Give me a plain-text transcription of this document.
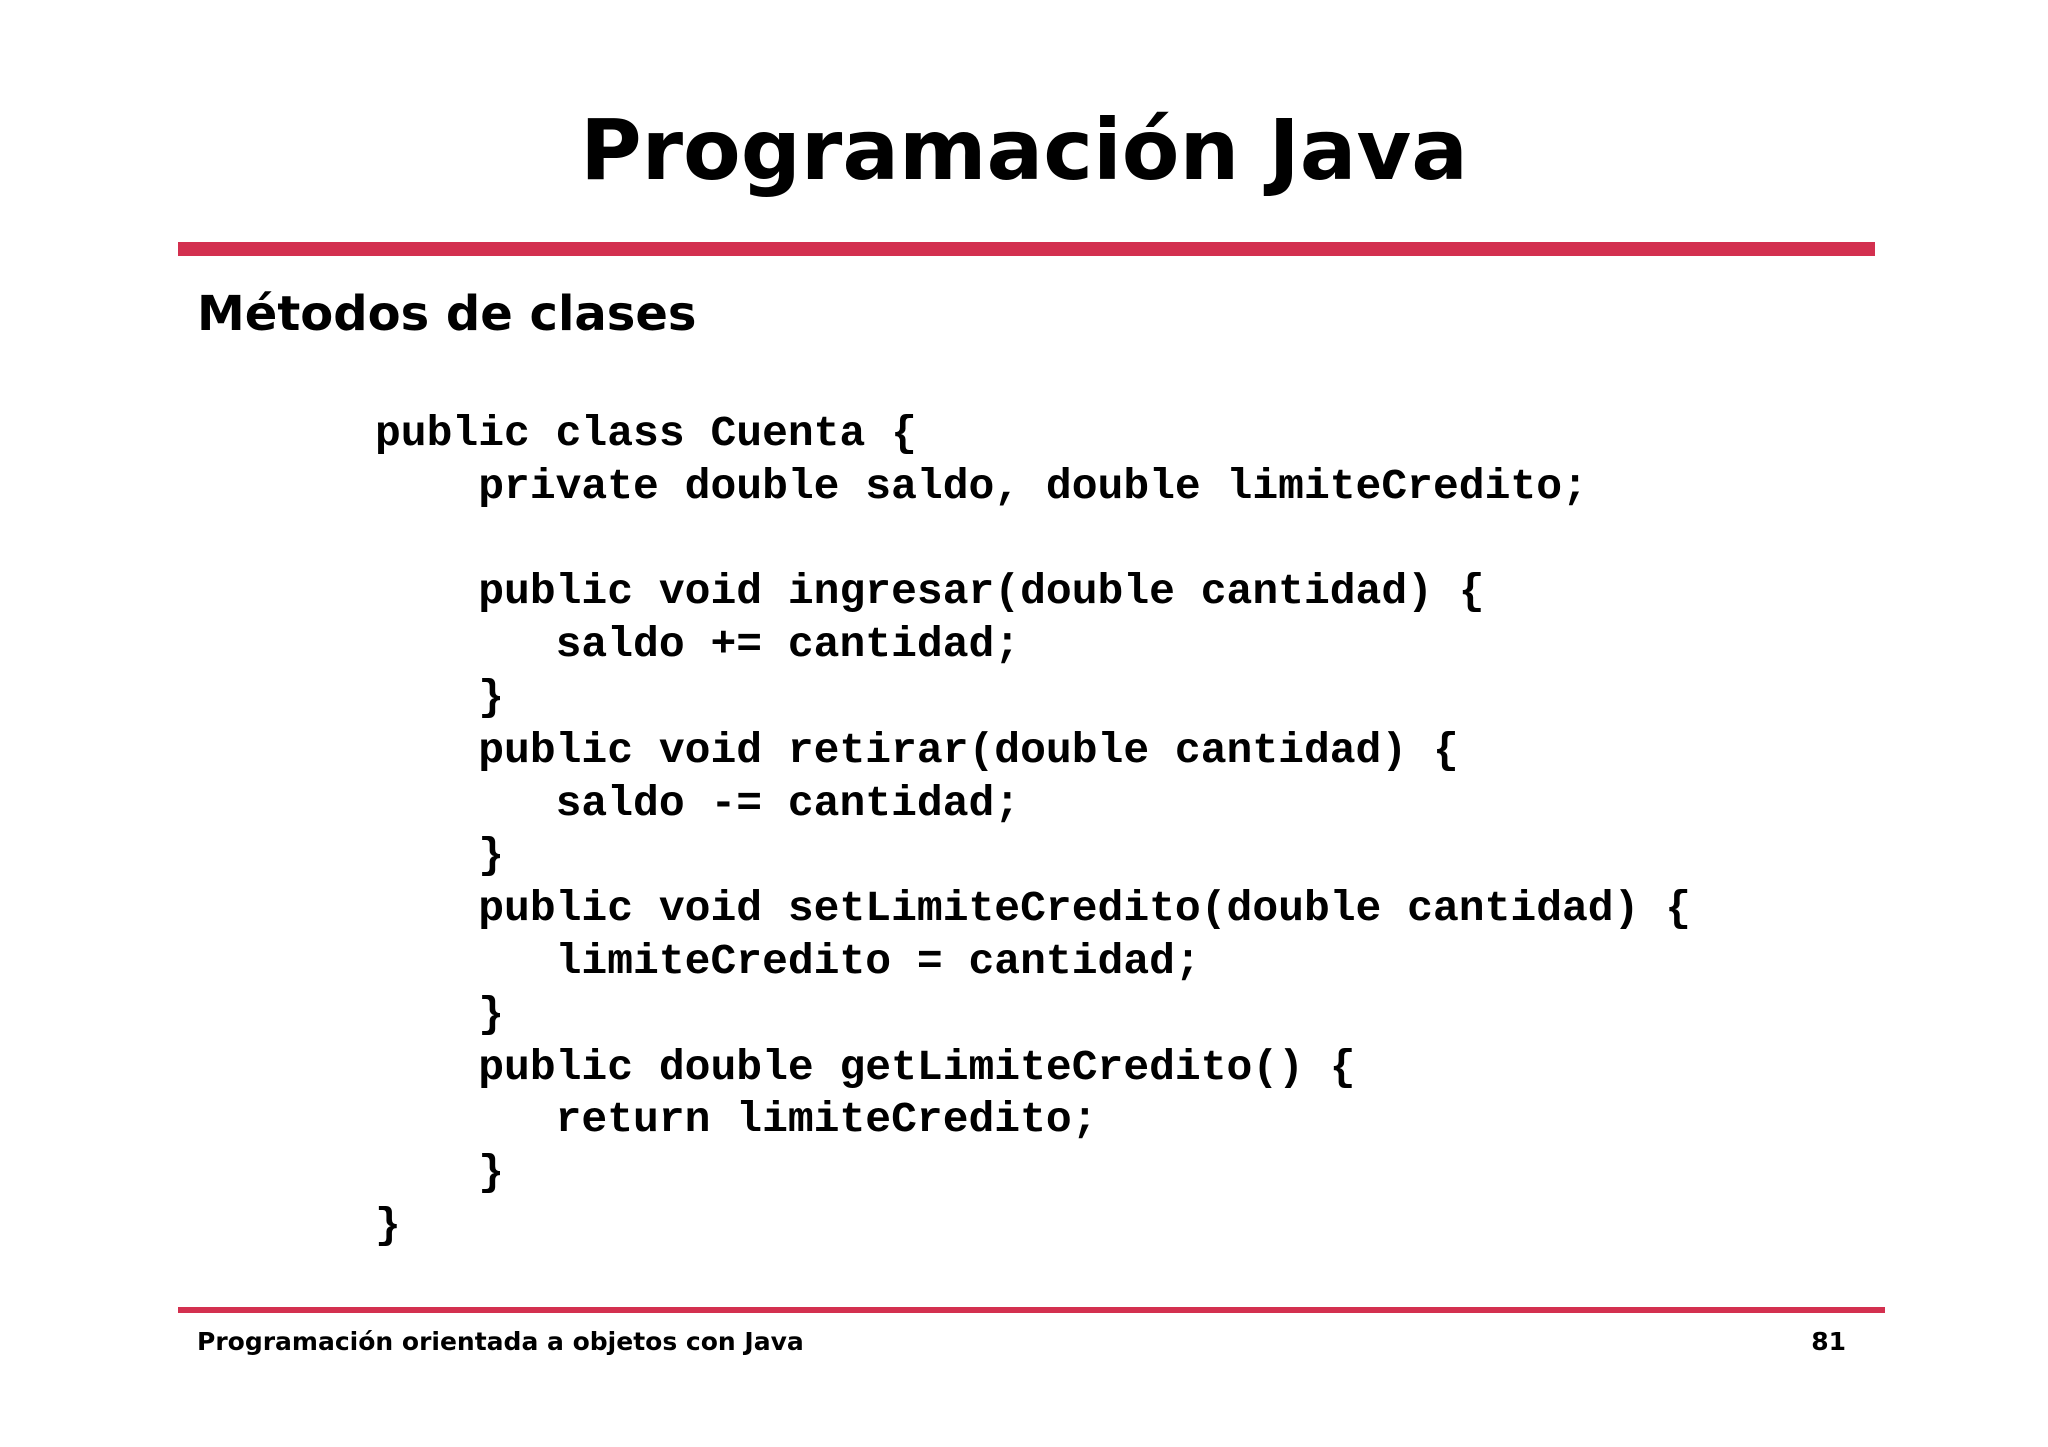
Programación Java
Métodos de clases
public class Cuenta {
private double saldo, double limiteCredito;
public void ingresar(double cantidad) {
saldo += cantidad;
}
public void retirar(double cantidad) {
saldo -= cantidad;
}
public void setLimiteCredito(double cantidad) {
limiteCredito = cantidad;
}
public double getLimiteCredito() {
return limiteCredito;
}
}
Programación orientada a objetos con Java	81
